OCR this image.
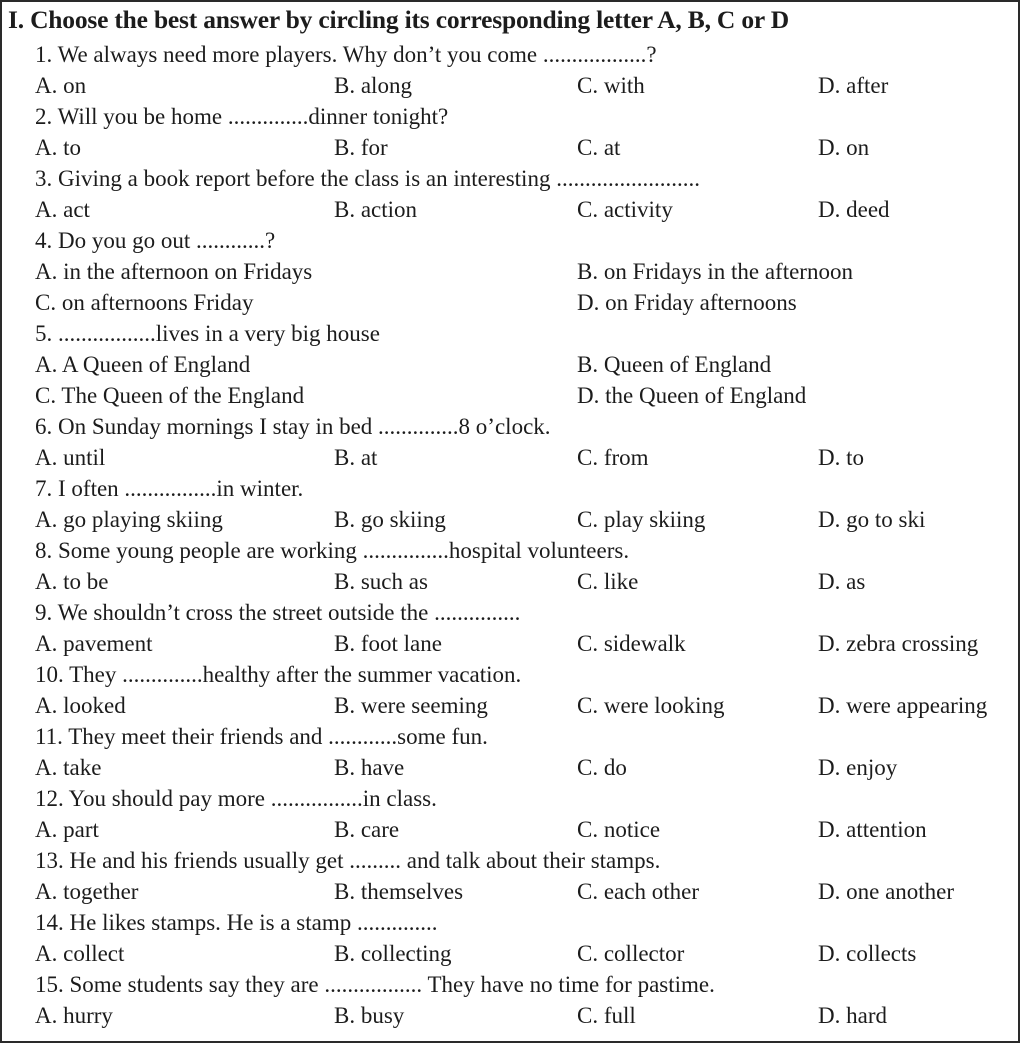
I. Choose the best answer by circling its corresponding letter A, B, C or D
1. We always need more players. Why don’t you come ..................?
A. on	B. along	C. with	D. after
2. Will you be home ..............dinner tonight?
A. to	B. for	C. at	D. on
3. Giving a book report before the class is an interesting .........................
A. act	B. action	C. activity	D. deed
4. Do you go out ............?
A. in the afternoon on Fridays	B. on Fridays in the afternoon
C. on afternoons Friday	D. on Friday afternoons
5. .................lives in a very big house
A. A Queen of England	B. Queen of England
C. The Queen of the England	D. the Queen of England
6. On Sunday mornings I stay in bed ..............8 o’clock.
A. until	B. at	C. from	D. to
7. I often ................in winter.
A. go playing skiing	B. go skiing	C. play skiing	D. go to ski
8. Some young people are working ...............hospital volunteers.
A. to be	B. such as	C. like	D. as
9. We shouldn’t cross the street outside the ...............
A. pavement	B. foot lane	C. sidewalk	D. zebra crossing
10. They ..............healthy after the summer vacation.
A. looked	B. were seeming	C. were looking	D. were appearing
11. They meet their friends and ............some fun.
A. take	B. have	C. do	D. enjoy
12. You should pay more ................in class.
A. part	B. care	C. notice	D. attention
13. He and his friends usually get ......... and talk about their stamps.
A. together	B. themselves	C. each other	D. one another
14. He likes stamps. He is a stamp ..............
A. collect	B. collecting	C. collector	D. collects
15. Some students say they are ................. They have no time for pastime.
A. hurry	B. busy	C. full	D. hard
